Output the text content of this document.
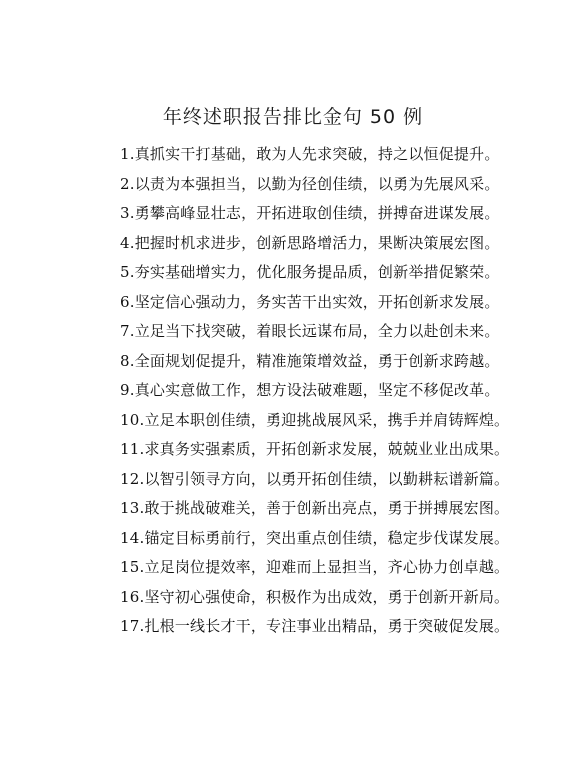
年终述职报告排比金句 50 例
1.真抓实干打基础，敢为人先求突破，持之以恒促提升。
2.以责为本强担当，以勤为径创佳绩，以勇为先展风采。
3.勇攀高峰显壮志，开拓进取创佳绩，拼搏奋进谋发展。
4.把握时机求进步，创新思路增活力，果断决策展宏图。
5.夯实基础增实力，优化服务提品质，创新举措促繁荣。
6.坚定信心强动力，务实苦干出实效，开拓创新求发展。
7.立足当下找突破，着眼长远谋布局，全力以赴创未来。
8.全面规划促提升，精准施策增效益，勇于创新求跨越。
9.真心实意做工作，想方设法破难题，坚定不移促改革。
10.立足本职创佳绩，勇迎挑战展风采，携手并肩铸辉煌。
11.求真务实强素质，开拓创新求发展，兢兢业业出成果。
12.以智引领寻方向，以勇开拓创佳绩，以勤耕耘谱新篇。
13.敢于挑战破难关，善于创新出亮点，勇于拼搏展宏图。
14.锚定目标勇前行，突出重点创佳绩，稳定步伐谋发展。
15.立足岗位提效率，迎难而上显担当，齐心协力创卓越。
16.坚守初心强使命，积极作为出成效，勇于创新开新局。
17.扎根一线长才干，专注事业出精品，勇于突破促发展。
